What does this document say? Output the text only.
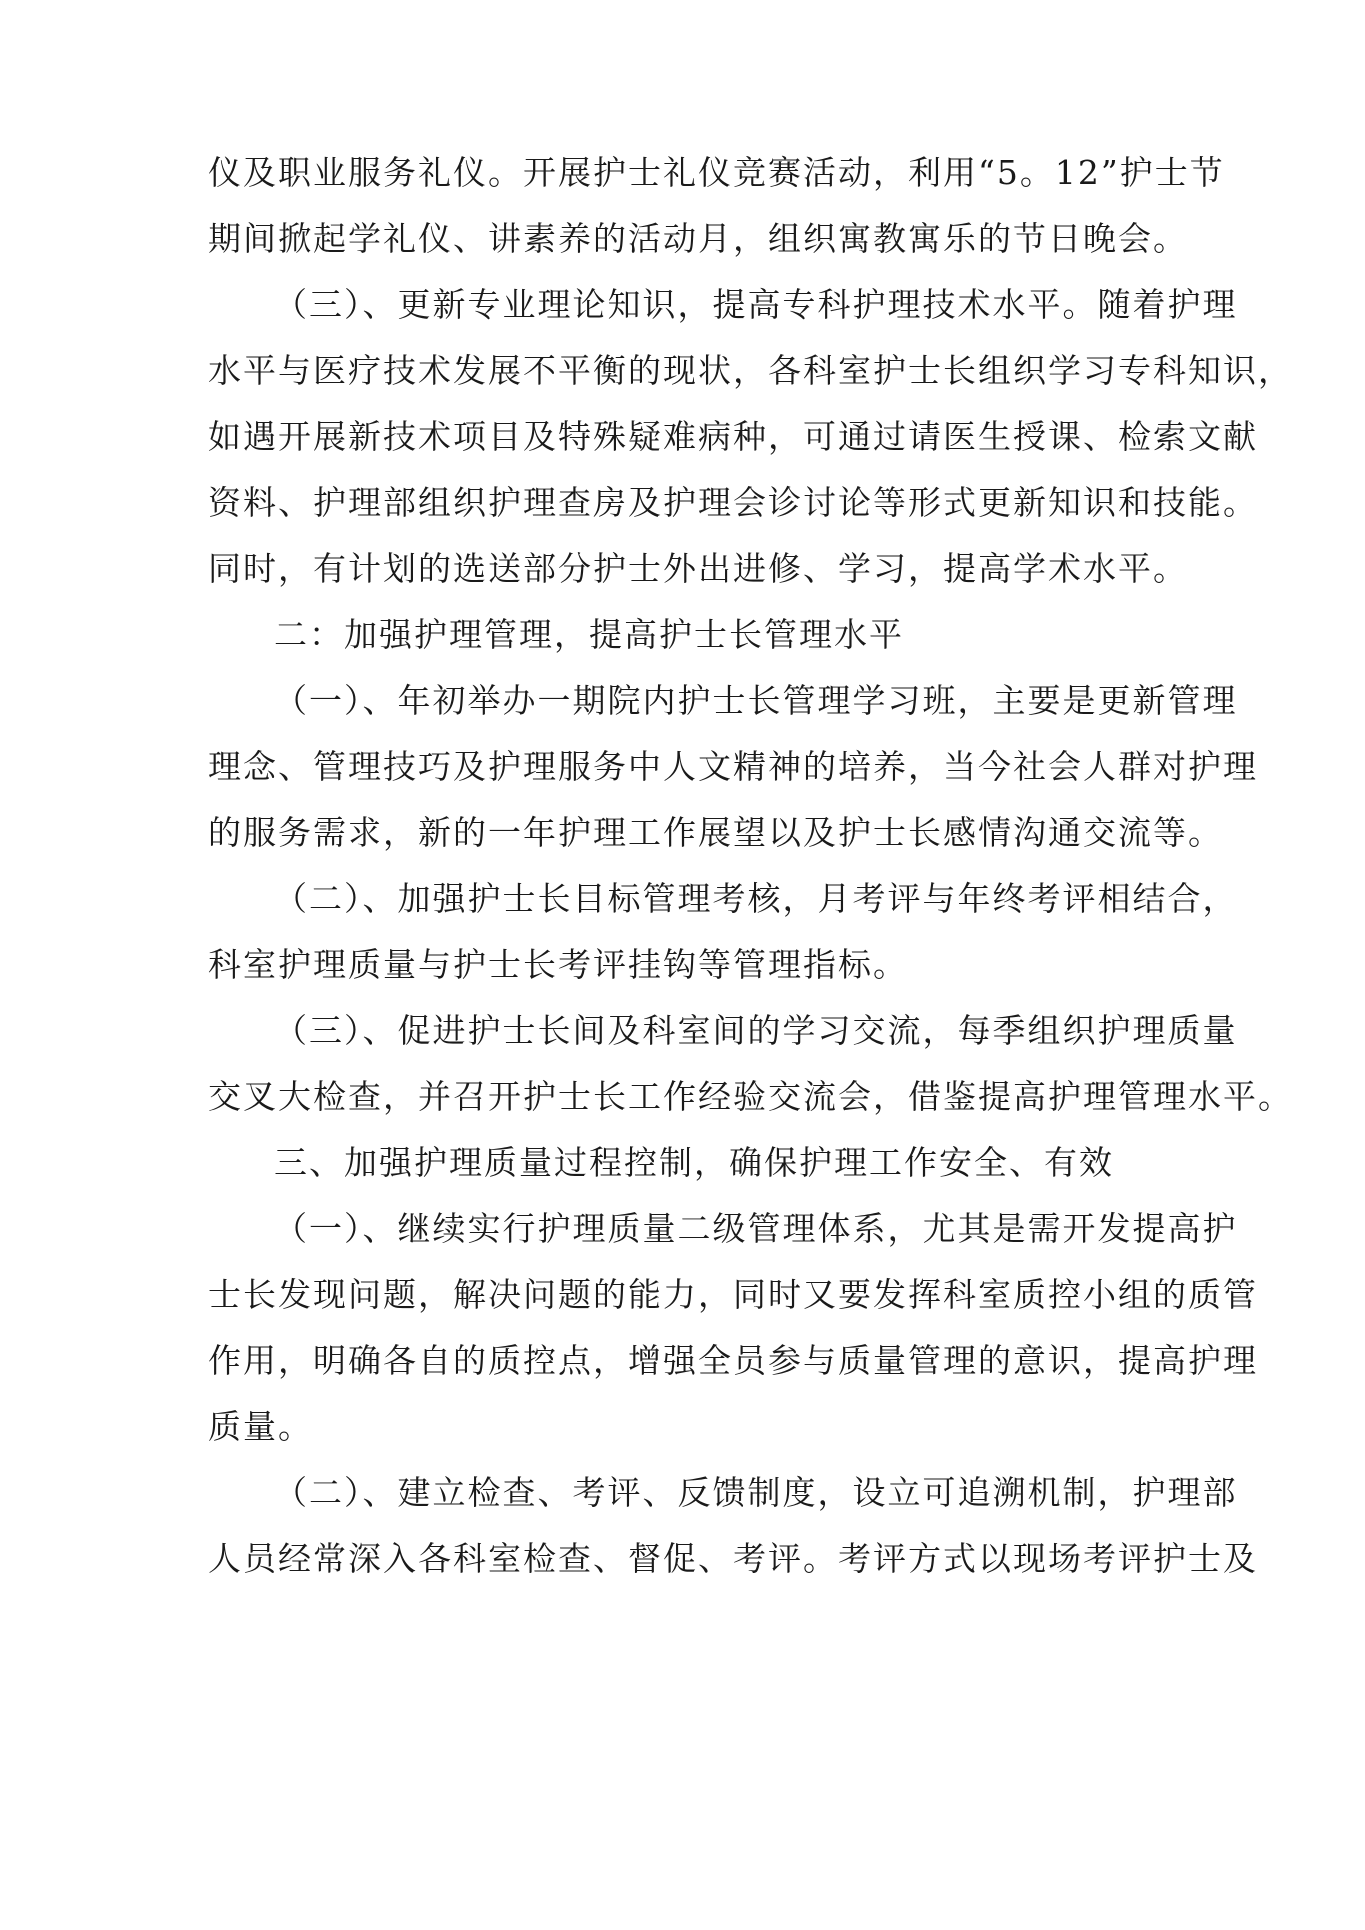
仪及职业服务礼仪。开展护士礼仪竞赛活动，利用“5。12”护士节
期间掀起学礼仪、讲素养的活动月，组织寓教寓乐的节日晚会。
（三）、更新专业理论知识，提高专科护理技术水平。随着护理
水平与医疗技术发展不平衡的现状，各科室护士长组织学习专科知识，
如遇开展新技术项目及特殊疑难病种，可通过请医生授课、检索文献
资料、护理部组织护理查房及护理会诊讨论等形式更新知识和技能。
同时，有计划的选送部分护士外出进修、学习，提高学术水平。
二：加强护理管理，提高护士长管理水平
（一）、年初举办一期院内护士长管理学习班，主要是更新管理
理念、管理技巧及护理服务中人文精神的培养，当今社会人群对护理
的服务需求，新的一年护理工作展望以及护士长感情沟通交流等。
（二）、加强护士长目标管理考核，月考评与年终考评相结合，
科室护理质量与护士长考评挂钩等管理指标。
（三）、促进护士长间及科室间的学习交流，每季组织护理质量
交叉大检查，并召开护士长工作经验交流会，借鉴提高护理管理水平。
三、加强护理质量过程控制，确保护理工作安全、有效
（一）、继续实行护理质量二级管理体系，尤其是需开发提高护
士长发现问题，解决问题的能力，同时又要发挥科室质控小组的质管
作用，明确各自的质控点，增强全员参与质量管理的意识，提高护理
质量。
（二）、建立检查、考评、反馈制度，设立可追溯机制，护理部
人员经常深入各科室检查、督促、考评。考评方式以现场考评护士及
